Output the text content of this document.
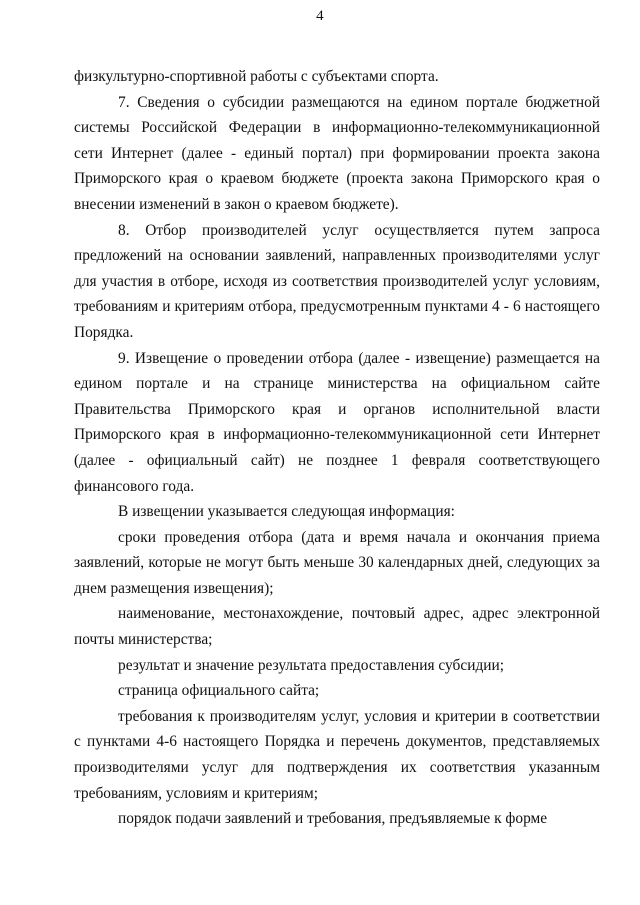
4

физкультурно-спортивной работы с субъектами спорта.

7. Сведения о субсидии размещаются на едином портале бюджетной системы Российской Федерации в информационно-телекоммуникационной сети Интернет (далее - единый портал) при формировании проекта закона Приморского края о краевом бюджете (проекта закона Приморского края о внесении изменений в закон о краевом бюджете).

8. Отбор производителей услуг осуществляется путем запроса предложений на основании заявлений, направленных производителями услуг для участия в отборе, исходя из соответствия производителей услуг условиям, требованиям и критериям отбора, предусмотренным пунктами 4 - 6 настоящего Порядка.

9. Извещение о проведении отбора (далее - извещение) размещается на едином портале и на странице министерства на официальном сайте Правительства Приморского края и органов исполнительной власти Приморского края в информационно-телекоммуникационной сети Интернет (далее - официальный сайт) не позднее 1 февраля соответствующего финансового года.

В извещении указывается следующая информация:

сроки проведения отбора (дата и время начала и окончания приема заявлений, которые не могут быть меньше 30 календарных дней, следующих за днем размещения извещения);

наименование, местонахождение, почтовый адрес, адрес электронной почты министерства;

результат и значение результата предоставления субсидии;

страница официального сайта;

требования к производителям услуг, условия и критерии в соответствии с пунктами 4-6 настоящего Порядка и перечень документов, представляемых производителями услуг для подтверждения их соответствия указанным требованиям, условиям и критериям;

порядок подачи заявлений и требования, предъявляемые к форме
